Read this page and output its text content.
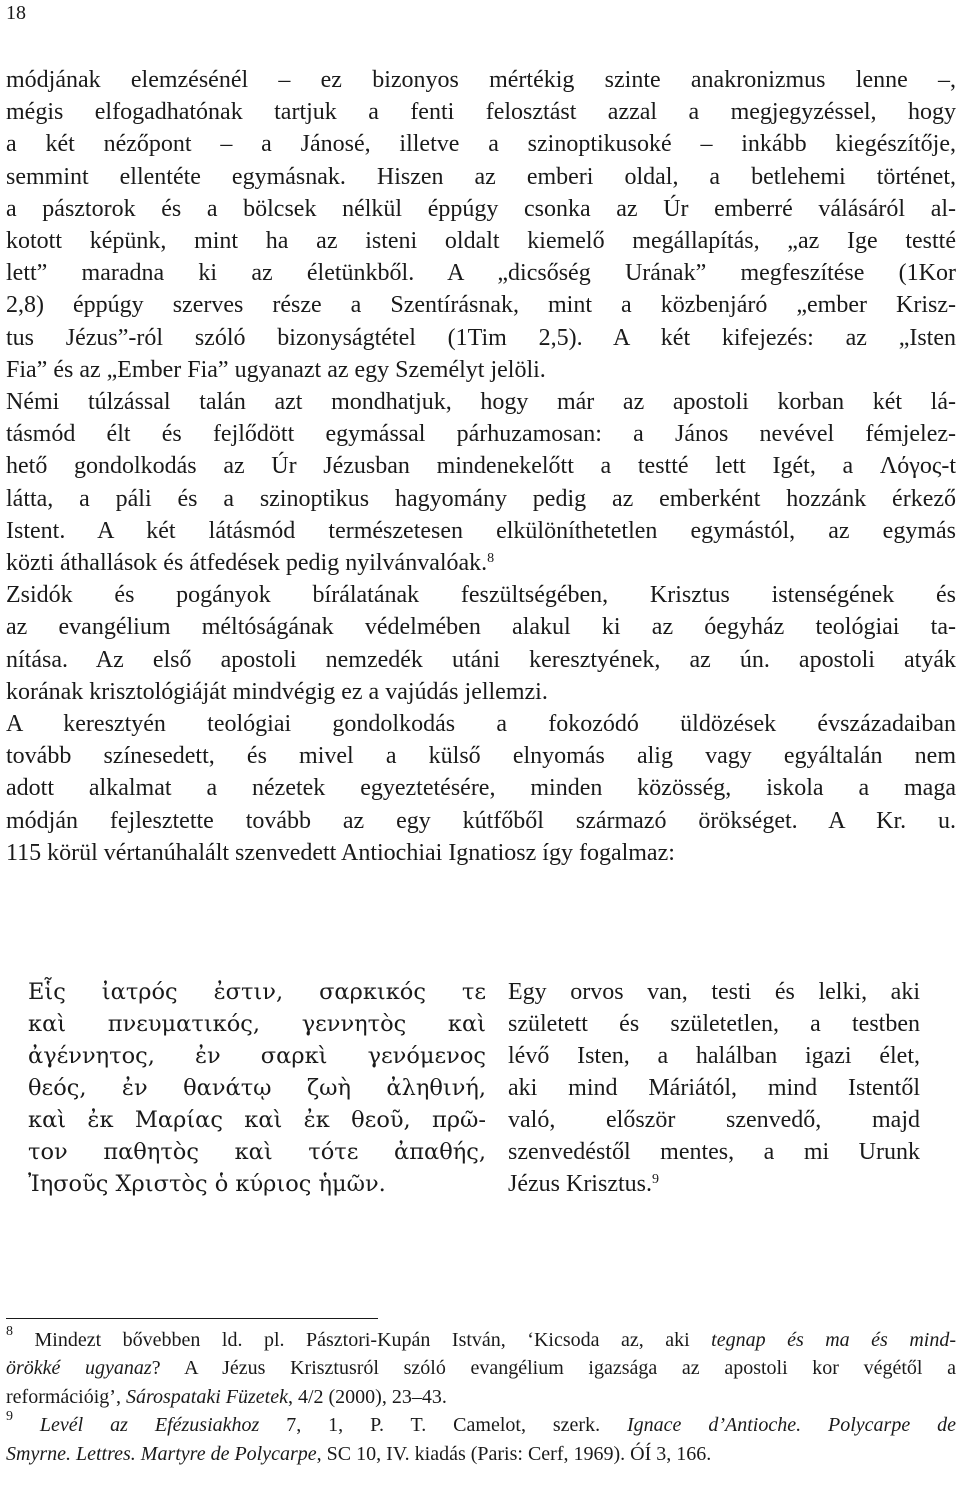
18
módjának elemzésénél – ez bizonyos mértékig szinte anakronizmus lenne –,
mégis elfogadhatónak tartjuk a fenti felosztást azzal a megjegyzéssel, hogy
a két nézőpont – a Jánosé, illetve a szinoptikusoké – inkább kiegészítője,
semmint ellentéte egymásnak. Hiszen az emberi oldal, a betlehemi történet,
a pásztorok és a bölcsek nélkül éppúgy csonka az Úr emberré válásáról al-
kotott képünk, mint ha az isteni oldalt kiemelő megállapítás, „az Ige testté
lett” maradna ki az életünkből. A „dicsőség Urának” megfeszítése (1Kor
2,8) éppúgy szerves része a Szentírásnak, mint a közbenjáró „ember Krisz-
tus Jézus”-ról szóló bizonyságtétel (1Tim 2,5). A két kifejezés: az „Isten
Fia” és az „Ember Fia” ugyanazt az egy Személyt jelöli.
Némi túlzással talán azt mondhatjuk, hogy már az apostoli korban két lá-
tásmód élt és fejlődött egymással párhuzamosan: a János nevével fémjelez-
hető gondolkodás az Úr Jézusban mindenekelőtt a testté lett Igét, a Λόγος-t
látta, a páli és a szinoptikus hagyomány pedig az emberként hozzánk érkező
Istent. A két látásmód természetesen elkülöníthetetlen egymástól, az egymás
közti áthallások és átfedések pedig nyilvánvalóak.$^8$
Zsidók és pogányok bírálatának feszültségében, Krisztus istenségének és
az evangélium méltóságának védelmében alakul ki az óegyház teológiai ta-
nítása. Az első apostoli nemzedék utáni keresztyének, az ún. apostoli atyák
korának krisztológiáját mindvégig ez a vajúdás jellemzi.
A keresztyén teológiai gondolkodás a fokozódó üldözések évszázadaiban
tovább színesedett, és mivel a külső elnyomás alig vagy egyáltalán nem
adott alkalmat a nézetek egyeztetésére, minden közösség, iskola a maga
módján fejlesztette tovább az egy kútfőből származó örökséget. A Kr. u.
115 körül vértanúhalált szenvedett Antiochiai Ignatiosz így fogalmaz:
Εἷς ἰατρός ἐστιν, σαρκικός τε
καὶ πνευματικός, γεννητὸς καὶ
ἀγέννητος, ἐν σαρκὶ γενόμενος
θεός, ἐν θανάτῳ ζωὴ ἀληθινή,
καὶ ἐκ Μαρίας καὶ ἐκ θεοῦ, πρῶ-
τον παθητὸς καὶ τότε ἀπαθής,
Ἰησοῦς Χριστὸς ὁ κύριος ἡμῶν.
Egy orvos van, testi és lelki, aki
született és születetlen, a testben
lévő Isten, a halálban igazi élet,
aki mind Máriától, mind Istentől
való, először szenvedő, majd
szenvedéstől mentes, a mi Urunk
Jézus Krisztus.$^9$
$^8$ Mindezt bővebben ld. pl. Pásztori-Kupán István, ‘Kicsoda az, aki tegnap és ma és mind-
örökké ugyanaz? A Jézus Krisztusról szóló evangélium igazsága az apostoli kor végétől a
reformációig’, Sárospataki Füzetek, 4/2 (2000), 23–43.
$^9$ Levél az Efézusiakhoz 7, 1, P. T. Camelot, szerk. Ignace d’Antioche. Polycarpe de
Smyrne. Lettres. Martyre de Polycarpe, SC 10, IV. kiadás (Paris: Cerf, 1969). ÓÍ 3, 166.
